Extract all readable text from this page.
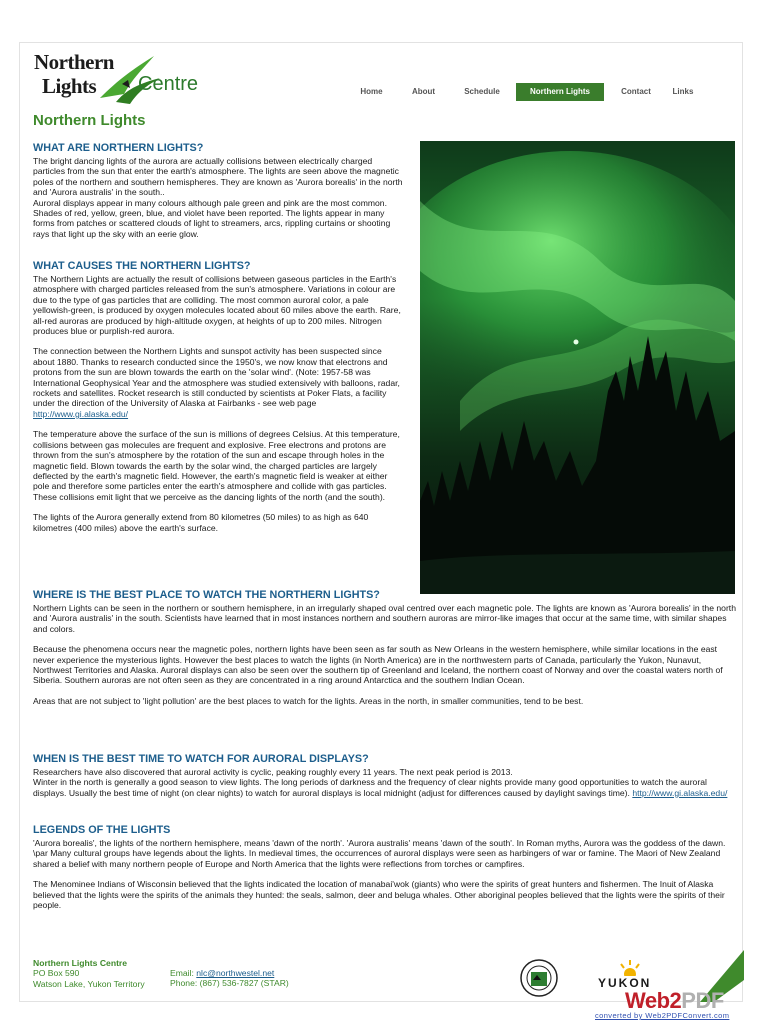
Northern
Lights Centre	Home	About	Schedule	Northern Lights	Contact	Links
Northern Lights
WHAT ARE NORTHERN LIGHTS?
The bright dancing lights of the aurora are actually collisions between electrically charged particles from the sun that enter the earth's atmosphere. The lights are seen above the magnetic poles of the northern and southern hemispheres. They are known as 'Aurora borealis' in the north and 'Aurora australis' in the south..
Auroral displays appear in many colours although pale green and pink are the most common. Shades of red, yellow, green, blue, and violet have been reported. The lights appear in many forms from patches or scattered clouds of light to streamers, arcs, rippling curtains or shooting rays that light up the sky with an eerie glow.
WHAT CAUSES THE NORTHERN LIGHTS?
The Northern Lights are actually the result of collisions between gaseous particles in the Earth's atmosphere with charged particles released from the sun's atmosphere. Variations in colour are due to the type of gas particles that are colliding. The most common auroral color, a pale yellowish-green, is produced by oxygen molecules located about 60 miles above the earth. Rare, all-red auroras are produced by high-altitude oxygen, at heights of up to 200 miles. Nitrogen produces blue or purplish-red aurora.
The connection between the Northern Lights and sunspot activity has been suspected since about 1880. Thanks to research conducted since the 1950's, we now know that electrons and protons from the sun are blown towards the earth on the 'solar wind'. (Note: 1957-58 was International Geophysical Year and the atmosphere was studied extensively with balloons, radar, rockets and satellites. Rocket research is still conducted by scientists at Poker Flats, a facility under the direction of the University of Alaska at Fairbanks - see web page http://www.gi.alaska.edu/
The temperature above the surface of the sun is millions of degrees Celsius. At this temperature, collisions between gas molecules are frequent and explosive. Free electrons and protons are thrown from the sun's atmosphere by the rotation of the sun and escape through holes in the magnetic field. Blown towards the earth by the solar wind, the charged particles are largely deflected by the earth's magnetic field. However, the earth's magnetic field is weaker at either pole and therefore some particles enter the earth's atmosphere and collide with gas particles. These collisions emit light that we perceive as the dancing lights of the north (and the south).
The lights of the Aurora generally extend from 80 kilometres (50 miles) to as high as 640 kilometres (400 miles) above the earth's surface.
WHERE IS THE BEST PLACE TO WATCH THE NORTHERN LIGHTS?
Northern Lights can be seen in the northern or southern hemisphere, in an irregularly shaped oval centred over each magnetic pole. The lights are known as 'Aurora borealis' in the north and 'Aurora australis' in the south. Scientists have learned that in most instances northern and southern auroras are mirror-like images that occur at the same time, with similar shapes and colors.
Because the phenomena occurs near the magnetic poles, northern lights have been seen as far south as New Orleans in the western hemisphere, while similar locations in the east never experience the mysterious lights. However the best places to watch the lights (in North America) are in the northwestern parts of Canada, particularly the Yukon, Nunavut, Northwest Territories and Alaska. Auroral displays can also be seen over the southern tip of Greenland and Iceland, the northern coast of Norway and over the coastal waters north of Siberia. Southern auroras are not often seen as they are concentrated in a ring around Antarctica and the southern Indian Ocean.
Areas that are not subject to 'light pollution' are the best places to watch for the lights. Areas in the north, in smaller communities, tend to be best.
WHEN IS THE BEST TIME TO WATCH FOR AURORAL DISPLAYS?
Researchers have also discovered that auroral activity is cyclic, peaking roughly every 11 years. The next peak period is 2013.
Winter in the north is generally a good season to view lights. The long periods of darkness and the frequency of clear nights provide many good opportunities to watch the auroral displays. Usually the best time of night (on clear nights) to watch for auroral displays is local midnight (adjust for differences caused by daylight savings time). http://www.gi.alaska.edu/
LEGENDS OF THE LIGHTS
'Aurora borealis', the lights of the northern hemisphere, means 'dawn of the north'. 'Aurora australis' means 'dawn of the south'. In Roman myths, Aurora was the goddess of the dawn. \par Many cultural groups have legends about the lights. In medieval times, the occurrences of auroral displays were seen as harbingers of war or famine. The Maori of New Zealand shared a belief with many northern people of Europe and North America that the lights were reflections from torches or campfires.
The Menominee Indians of Wisconsin believed that the lights indicated the location of manabai'wok (giants) who were the spirits of great hunters and fishermen. The Inuit of Alaska believed that the lights were the spirits of the animals they hunted: the seals, salmon, deer and beluga whales. Other aboriginal peoples believed that the lights were the spirits of their people.
Northern Lights Centre
PO Box 590
Watson Lake, Yukon Territory
Email: nlc@northwestel.net
Phone: (867) 536-7827 (STAR)	YUKON
Web2PDF
converted by Web2PDFConvert.com
